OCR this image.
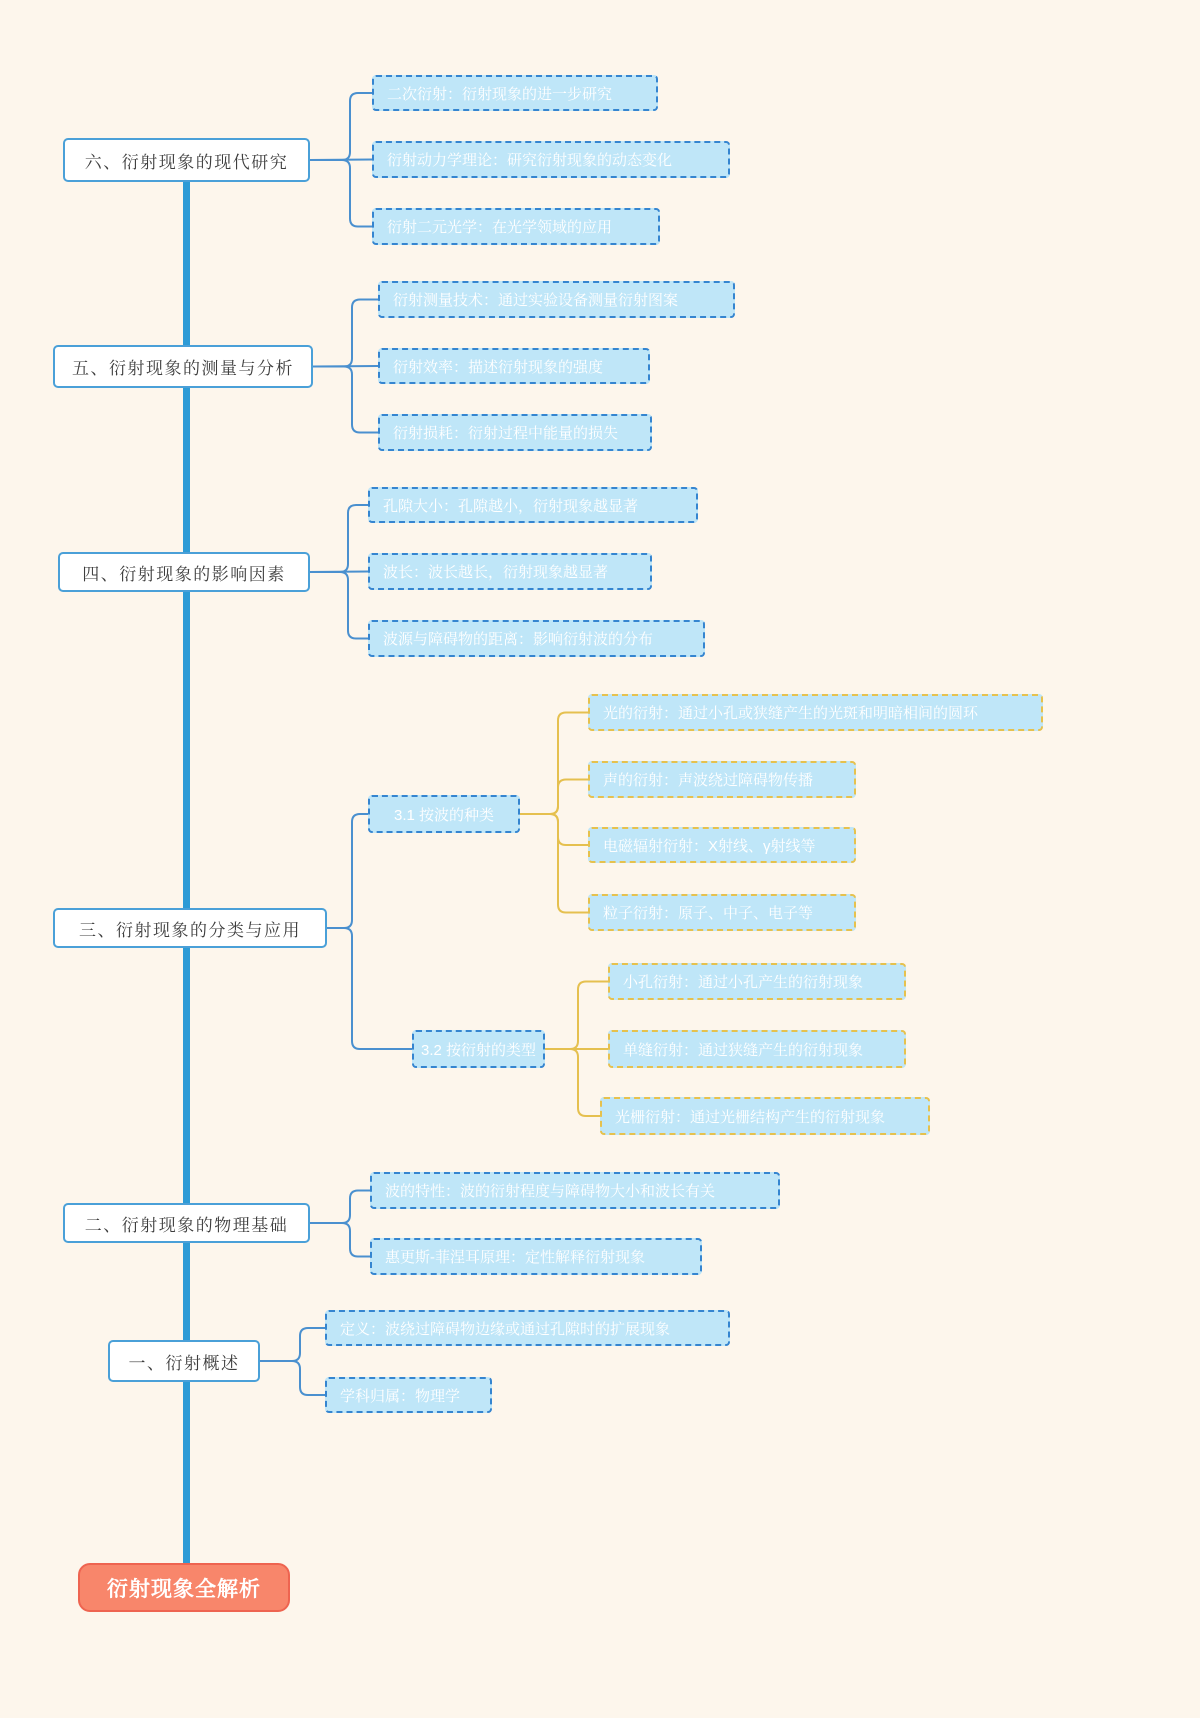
六、衍射现象的现代研究
二次衍射：衍射现象的进一步研究
衍射动力学理论：研究衍射现象的动态变化
衍射二元光学：在光学领域的应用
五、衍射现象的测量与分析
衍射测量技术：通过实验设备测量衍射图案
衍射效率：描述衍射现象的强度
衍射损耗：衍射过程中能量的损失
四、衍射现象的影响因素
孔隙大小：孔隙越小，衍射现象越显著
波长：波长越长，衍射现象越显著
波源与障碍物的距离：影响衍射波的分布
三、衍射现象的分类与应用
3.1 按波的种类
光的衍射：通过小孔或狭缝产生的光斑和明暗相间的圆环
声的衍射：声波绕过障碍物传播
电磁辐射衍射：X射线、γ射线等
粒子衍射：原子、中子、电子等
3.2 按衍射的类型
小孔衍射：通过小孔产生的衍射现象
单缝衍射：通过狭缝产生的衍射现象
光栅衍射：通过光栅结构产生的衍射现象
二、衍射现象的物理基础
波的特性：波的衍射程度与障碍物大小和波长有关
惠更斯-菲涅耳原理：定性解释衍射现象
一、衍射概述
定义：波绕过障碍物边缘或通过孔隙时的扩展现象
学科归属：物理学
衍射现象全解析
